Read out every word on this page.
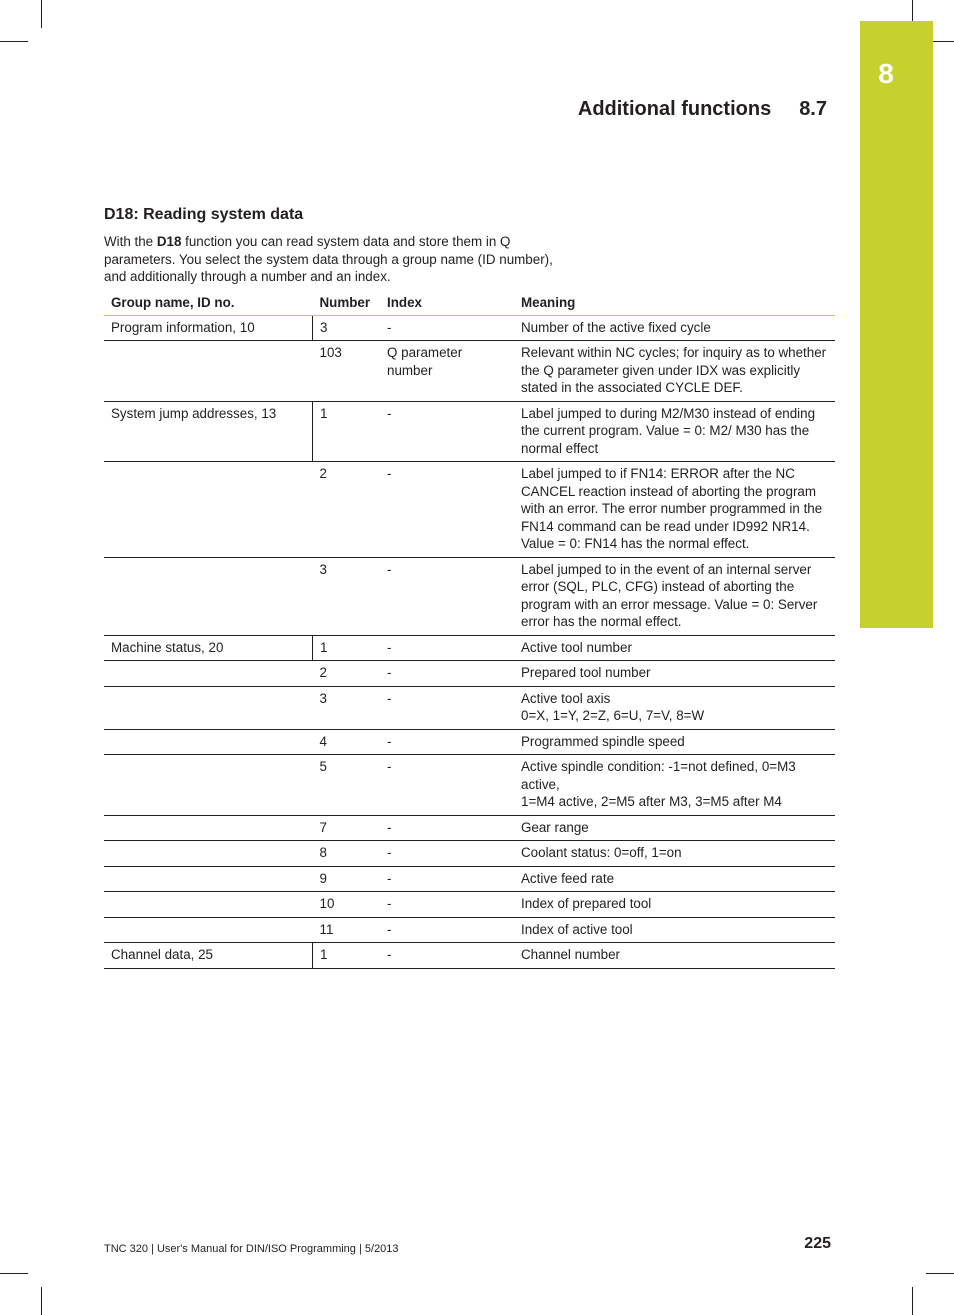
8
Additional functions 8.7
D18: Reading system data

With the D18 function you can read system data and store them in Q parameters. You select the system data through a group name (ID number), and additionally through a number and an index.

Group name, ID no.	Number	Index	Meaning
Program information, 10	3	-	Number of the active fixed cycle
	103	Q parameter number	Relevant within NC cycles; for inquiry as to whether the Q parameter given under IDX was explicitly stated in the associated CYCLE DEF.
System jump addresses, 13	1	-	Label jumped to during M2/M30 instead of ending the current program. Value = 0: M2/ M30 has the normal effect
	2	-	Label jumped to if FN14: ERROR after the NC CANCEL reaction instead of aborting the program with an error. The error number programmed in the FN14 command can be read under ID992 NR14. Value = 0: FN14 has the normal effect.
	3	-	Label jumped to in the event of an internal server error (SQL, PLC, CFG) instead of aborting the program with an error message. Value = 0: Server error has the normal effect.
Machine status, 20	1	-	Active tool number
	2	-	Prepared tool number
	3	-	Active tool axis
0=X, 1=Y, 2=Z, 6=U, 7=V, 8=W
	4	-	Programmed spindle speed
	5	-	Active spindle condition: -1=not defined, 0=M3 active,
1=M4 active, 2=M5 after M3, 3=M5 after M4
	7	-	Gear range
	8	-	Coolant status: 0=off, 1=on
	9	-	Active feed rate
	10	-	Index of prepared tool
	11	-	Index of active tool
Channel data, 25	1	-	Channel number
TNC 320 | User's Manual for DIN/ISO Programming | 5/2013	225
